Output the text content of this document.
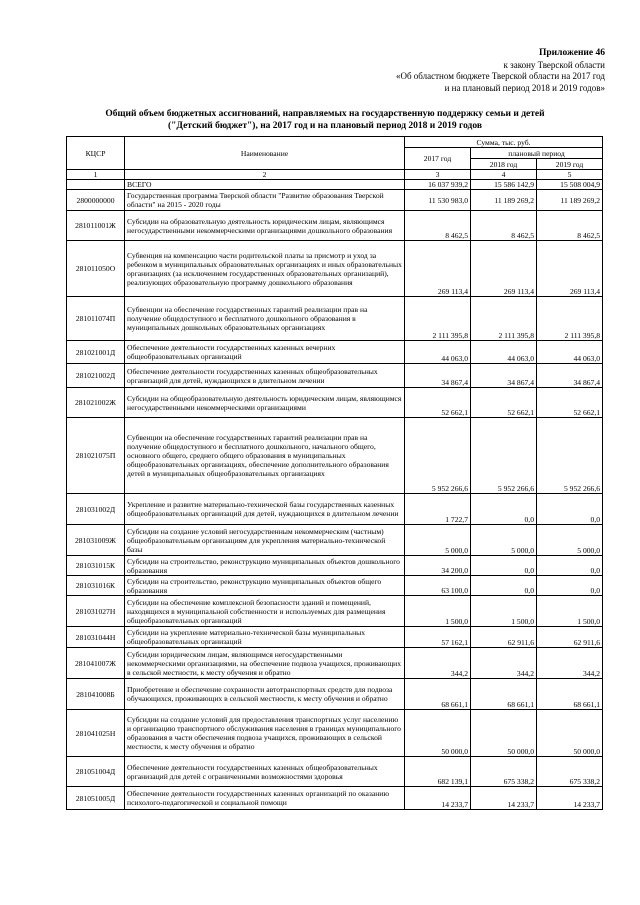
Приложение 46
к закону Тверской области
«Об областном бюджете Тверской области на 2017 год
и на плановый период 2018 и 2019 годов»
Общий объем бюджетных ассигнований, направляемых на государственную поддержку семьи и детей
("Детский бюджет"), на 2017 год и на плановый период 2018 и 2019 годов
КЦСР	Наименование	Сумма, тыс. руб.		
		2017 год	плановый период	
			2018 год	2019 год
1	2	3	4	5
	ВСЕГО	16 037 939,2	15 586 142,9	15 508 004,9
2800000000	Государственная программа Тверской области "Развитие образования Тверской области" на 2015 - 2020 годы	11 530 983,0	11 189 269,2	11 189 269,2
281011001Ж	Субсидии на образовательную деятельность юридическим лицам, являющимся негосударственными некоммерческими организациями дошкольного образования	8 462,5	8 462,5	8 462,5
281011050О	Субвенция на компенсацию части родительской платы за присмотр и уход за ребенком в муниципальных образовательных организациях и иных образовательных организациях (за исключением государственных образовательных организаций), реализующих образовательную программу дошкольного образования	269 113,4	269 113,4	269 113,4
281011074П	Субвенции на обеспечение государственных гарантий реализации прав на получение общедоступного и бесплатного дошкольного образования в муниципальных дошкольных образовательных организациях	2 111 395,8	2 111 395,8	2 111 395,8
281021001Д	Обеспечение деятельности государственных казенных вечерних общеобразовательных организаций	44 063,0	44 063,0	44 063,0
281021002Д	Обеспечение деятельности государственных казенных общеобразовательных организаций для детей, нуждающихся в длительном лечении	34 867,4	34 867,4	34 867,4
281021002Ж	Субсидии на общеобразовательную деятельность юридическим лицам, являющимся негосударственными некоммерческими организациями	52 662,1	52 662,1	52 662,1
281021075П	Субвенции на обеспечение государственных гарантий реализации прав на получение общедоступного и бесплатного дошкольного, начального общего, основного общего, среднего общего образования в муниципальных общеобразовательных организациях, обеспечение дополнительного образования детей в муниципальных общеобразовательных организациях	5 952 266,6	5 952 266,6	5 952 266,6
281031002Д	Укрепление и развитие материально-технической базы государственных казенных общеобразовательных организаций для детей, нуждающихся в длительном лечении	1 722,7	0,0	0,0
281031009Ж	Субсидии на создание условий негосударственным некоммерческим (частным) общеобразовательным организациям для укрепления материально-технической базы	5 000,0	5 000,0	5 000,0
281031015К	Субсидии на строительство, реконструкцию муниципальных объектов дошкольного образования	34 200,0	0,0	0,0
281031016К	Субсидии на строительство, реконструкцию муниципальных объектов общего образования	63 100,0	0,0	0,0
281031027Н	Субсидии на обеспечение комплексной безопасности зданий и помещений, находящихся в муниципальной собственности и используемых для размещения общеобразовательных организаций	1 500,0	1 500,0	1 500,0
281031044Н	Субсидии на укрепление материально-технической базы муниципальных общеобразовательных организаций	57 162,1	62 911,6	62 911,6
281041007Ж	Субсидии юридическим лицам, являющимся негосударственными некоммерческими организациями, на обеспечение подвоза учащихся, проживающих в сельской местности, к месту обучения и обратно	344,2	344,2	344,2
281041008Б	Приобретение и обеспечение сохранности автотранспортных средств для подвоза обучающихся, проживающих в сельской местности, к месту обучения и обратно	68 661,1	68 661,1	68 661,1
281041025Н	Субсидии на создание условий для предоставления транспортных услуг населению и организацию транспортного обслуживания населения в границах муниципального образования в части обеспечения подвоза учащихся, проживающих в сельской местности, к месту обучения и обратно	50 000,0	50 000,0	50 000,0
281051004Д	Обеспечение деятельности государственных казенных общеобразовательных организаций для детей с ограниченными возможностями здоровья	682 139,1	675 338,2	675 338,2
281051005Д	Обеспечение деятельности государственных казенных организаций по оказанию психолого-педагогической и социальной помощи	14 233,7	14 233,7	14 233,7
